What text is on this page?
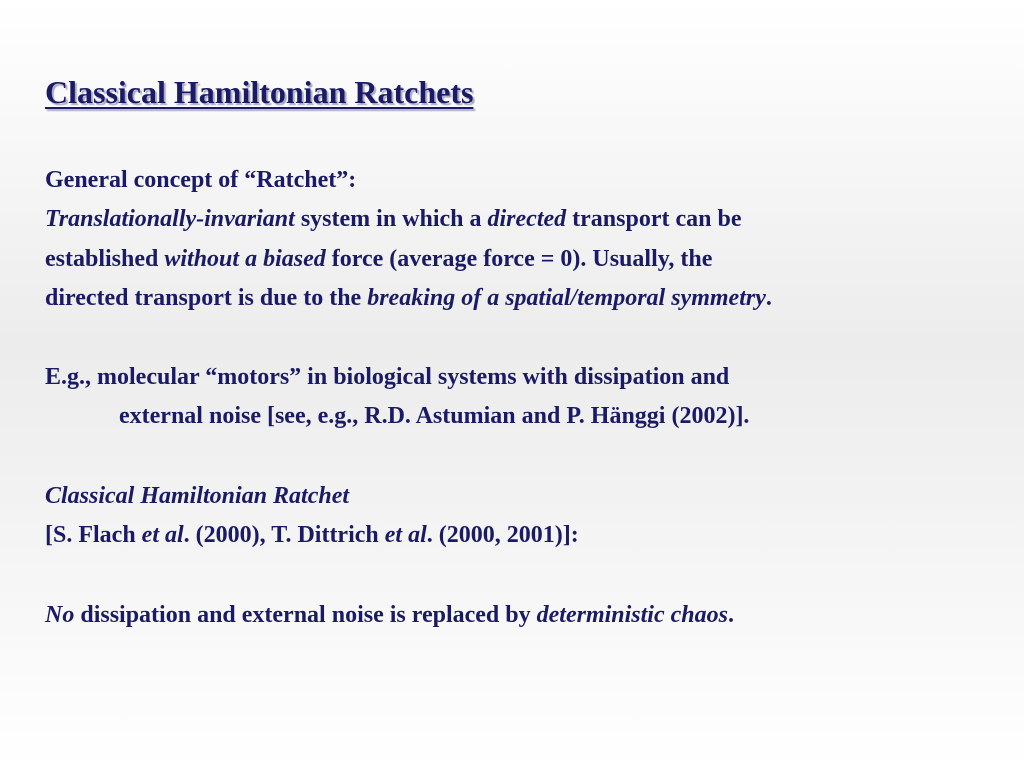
Classical Hamiltonian Ratchets
General concept of “Ratchet”:
Translationally-invariant system in which a directed transport can be
established without a biased force (average force = 0). Usually, the
directed transport is due to the breaking of a spatial/temporal symmetry.
E.g., molecular “motors” in biological systems with dissipation and
external noise [see, e.g., R.D. Astumian and P. Hänggi (2002)].
Classical Hamiltonian Ratchet
[S. Flach et al. (2000), T. Dittrich et al. (2000, 2001)]:
No dissipation and external noise is replaced by deterministic chaos.
